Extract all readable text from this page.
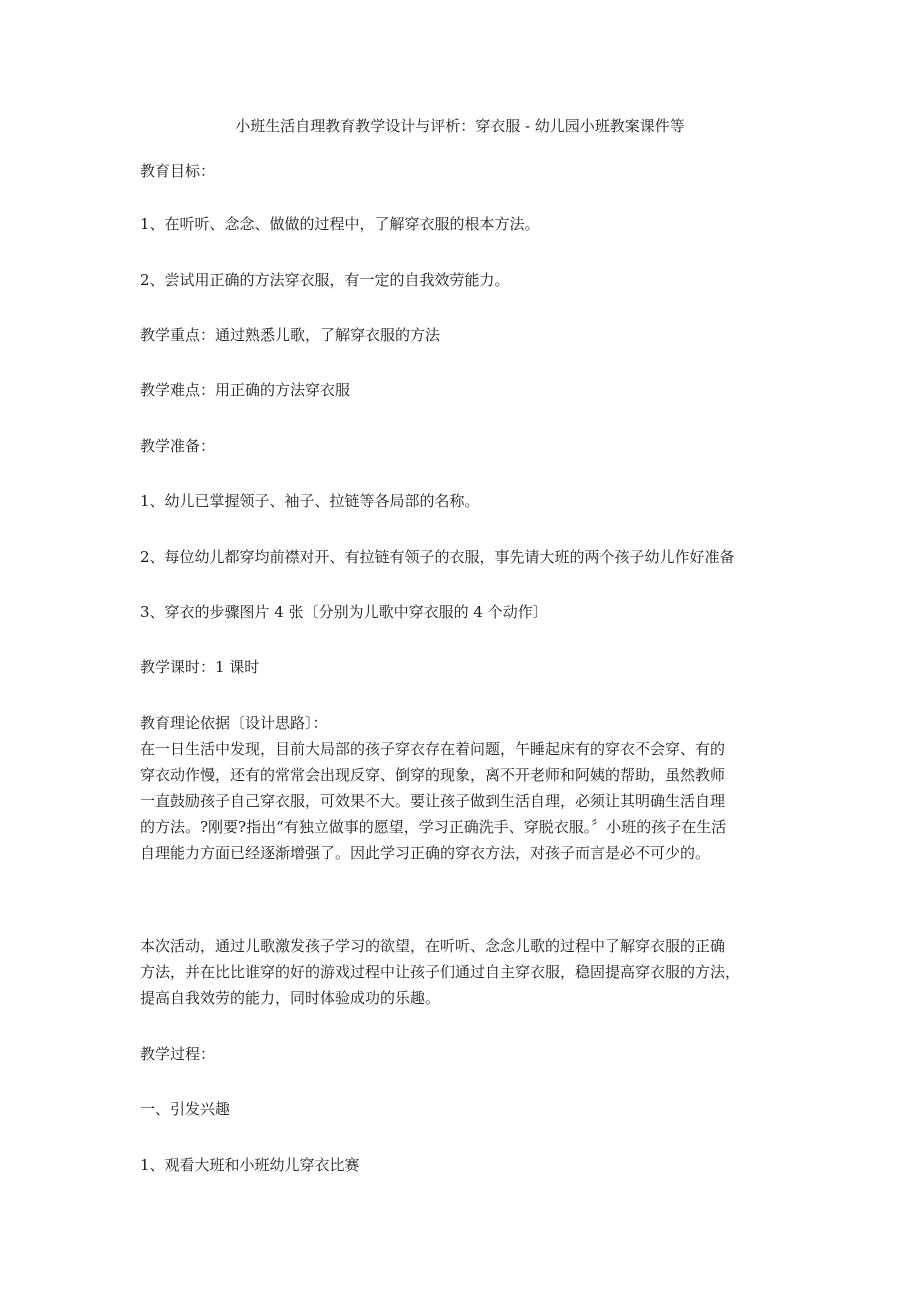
小班生活自理教育教学设计与评析：穿衣服 - 幼儿园小班教案课件等
教育目标：
1、在听听、念念、做做的过程中，了解穿衣服的根本方法。
2、尝试用正确的方法穿衣服，有一定的自我效劳能力。
教学重点：通过熟悉儿歌，了解穿衣服的方法
教学难点：用正确的方法穿衣服
教学准备：
1、幼儿已掌握领子、袖子、拉链等各局部的名称。
2、每位幼儿都穿均前襟对开、有拉链有领子的衣服，事先请大班的两个孩子幼儿作好准备
3、穿衣的步骤图片 4 张〔分别为儿歌中穿衣服的 4 个动作〕
教学课时：1 课时
教育理论依据〔设计思路〕：
在一日生活中发现，目前大局部的孩子穿衣存在着问题，午睡起床有的穿衣不会穿、有的
穿衣动作慢，还有的常常会出现反穿、倒穿的现象，离不开老师和阿姨的帮助，虽然教师
一直鼓励孩子自己穿衣服，可效果不大。要让孩子做到生活自理，必须让其明确生活自理
的方法。?刚要?指出“有独立做事的愿望，学习正确洗手、穿脱衣服。〞小班的孩子在生活
自理能力方面已经逐渐增强了。因此学习正确的穿衣方法，对孩子而言是必不可少的。
本次活动，通过儿歌激发孩子学习的欲望，在听听、念念儿歌的过程中了解穿衣服的正确
方法，并在比比谁穿的好的游戏过程中让孩子们通过自主穿衣服，稳固提高穿衣服的方法，
提高自我效劳的能力，同时体验成功的乐趣。
教学过程：
一、引发兴趣
1、观看大班和小班幼儿穿衣比赛
